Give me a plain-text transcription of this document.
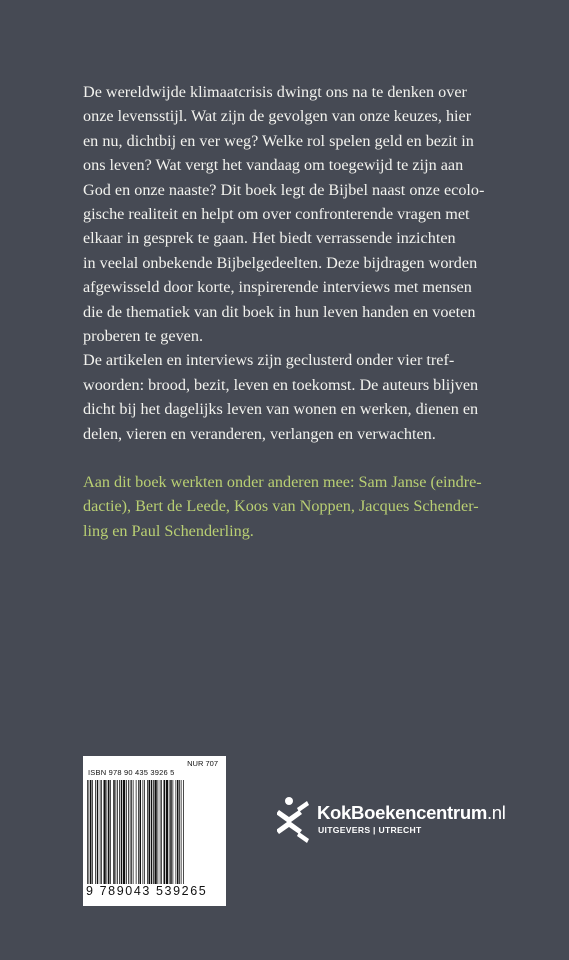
De wereldwijde klimaatcrisis dwingt ons na te denken over
onze levensstijl. Wat zijn de gevolgen van onze keuzes, hier
en nu, dichtbij en ver weg? Welke rol spelen geld en bezit in
ons leven? Wat vergt het vandaag om toegewijd te zijn aan
God en onze naaste? Dit boek legt de Bijbel naast onze ecolo-
gische realiteit en helpt om over confronterende vragen met
elkaar in gesprek te gaan. Het biedt verrassende inzichten
in veelal onbekende Bijbelgedeelten. Deze bijdragen worden
afgewisseld door korte, inspirerende interviews met mensen
die de thematiek van dit boek in hun leven handen en voeten
proberen te geven.

De artikelen en interviews zijn geclusterd onder vier tref-
woorden: brood, bezit, leven en toekomst. De auteurs blijven
dicht bij het dagelijks leven van wonen en werken, dienen en
delen, vieren en veranderen, verlangen en verwachten.

Aan dit boek werkten onder anderen mee: Sam Janse (eindre-
dactie), Bert de Leede, Koos van Noppen, Jacques Schender-
ling en Paul Schenderling.

NUR 707
ISBN 978 90 435 3926 5
9 789043 539265
KokBoekencentrum.nl
UITGEVERS | UTRECHT
